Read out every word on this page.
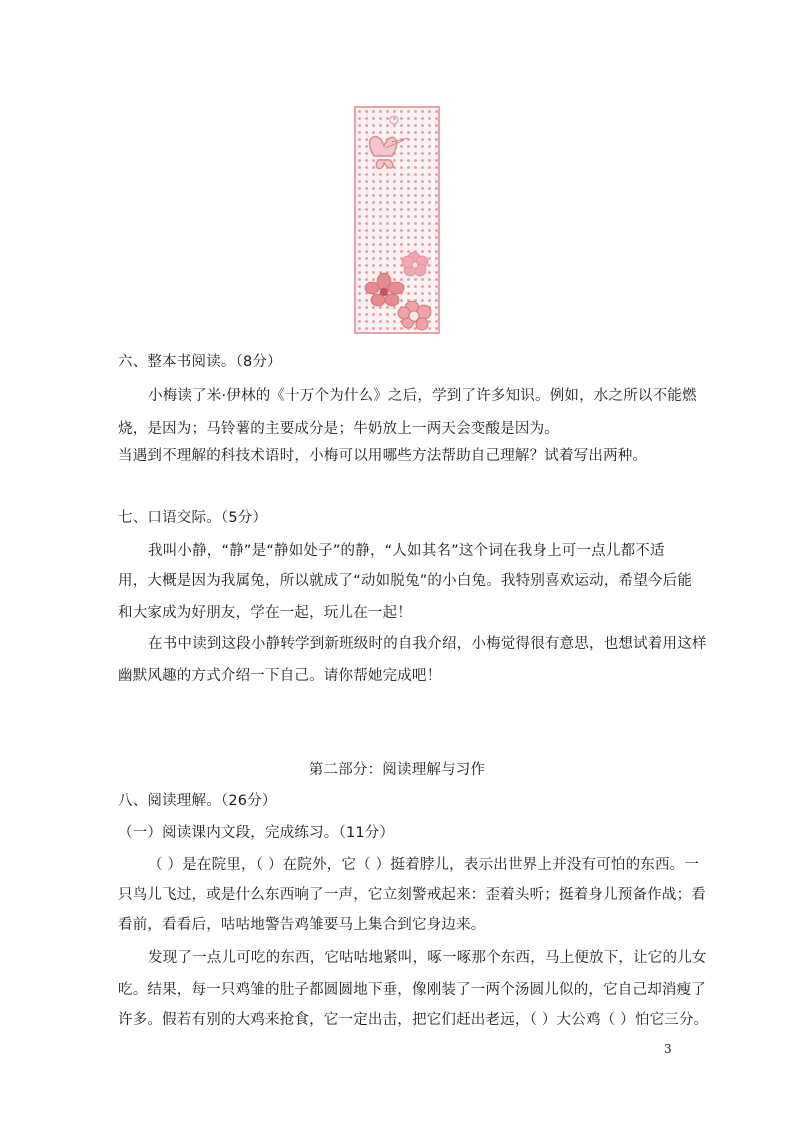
六、整本书阅读。（8分）
小梅读了米·伊林的《十万个为什么》之后，学到了许多知识。例如，水之所以不能燃
烧，是因为；马铃薯的主要成分是；牛奶放上一两天会变酸是因为。
当遇到不理解的科技术语时，小梅可以用哪些方法帮助自己理解？试着写出两种。
七、口语交际。（5分）
我叫小静，“静”是“静如处子”的静，“人如其名”这个词在我身上可一点儿都不适
用，大概是因为我属兔，所以就成了“动如脱兔”的小白兔。我特别喜欢运动，希望今后能
和大家成为好朋友，学在一起，玩儿在一起！
在书中读到这段小静转学到新班级时的自我介绍，小梅觉得很有意思，也想试着用这样
幽默风趣的方式介绍一下自己。请你帮她完成吧！
第二部分：阅读理解与习作
八、阅读理解。（26分）
（一）阅读课内文段，完成练习。（11分）
（ ）是在院里，（ ）在院外，它（ ）挺着脖儿，表示出世界上并没有可怕的东西。一
只鸟儿飞过，或是什么东西响了一声，它立刻警戒起来：歪着头听；挺着身儿预备作战；看
看前，看看后，咕咕地警告鸡雏要马上集合到它身边来。
发现了一点儿可吃的东西，它咕咕地紧叫，啄一啄那个东西，马上便放下，让它的儿女
吃。结果，每一只鸡雏的肚子都圆圆地下垂，像刚装了一两个汤圆儿似的，它自己却消瘦了
许多。假若有别的大鸡来抢食，它一定出击，把它们赶出老远，（ ）大公鸡（ ）怕它三分。
3
